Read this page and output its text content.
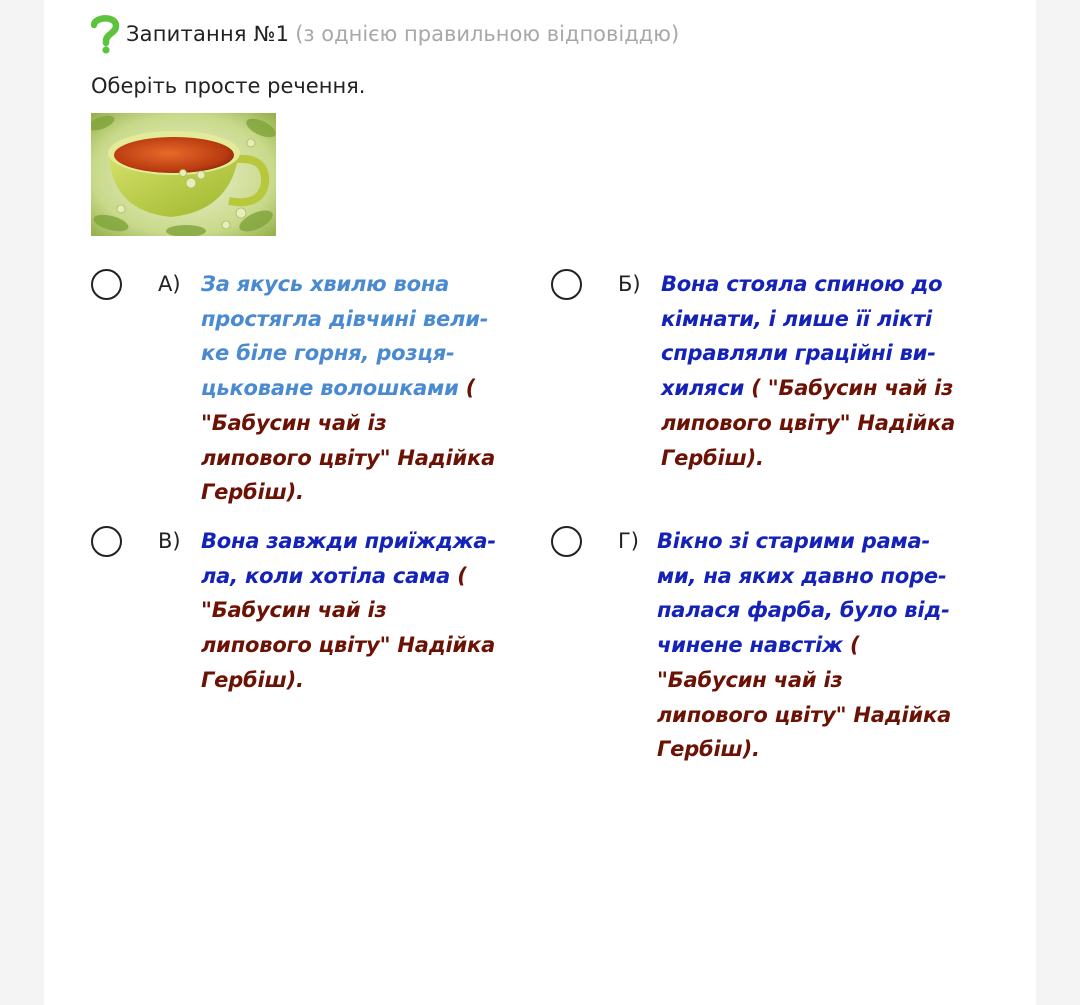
Запитання №1 (з однією правильною відповіддю)
Оберіть просте речення.
А) За якусь хвилю вона
простягла дівчині вели-
ке біле горня, розця-
цьковане волошками (
"Бабусин чай із
липового цвіту" Надійка
Гербіш).
Б) Вона стояла спиною до
кімнати, і лише її лікті
справляли граційні ви-
хиляси ( "Бабусин чай із
липового цвіту" Надійка
Гербіш).
В) Вона завжди приїжджа-
ла, коли хотіла сама (
"Бабусин чай із
липового цвіту" Надійка
Гербіш).
Г) Вікно зі старими рама-
ми, на яких давно поре-
палася фарба, було від-
чинене навстіж (
"Бабусин чай із
липового цвіту" Надійка
Гербіш).
